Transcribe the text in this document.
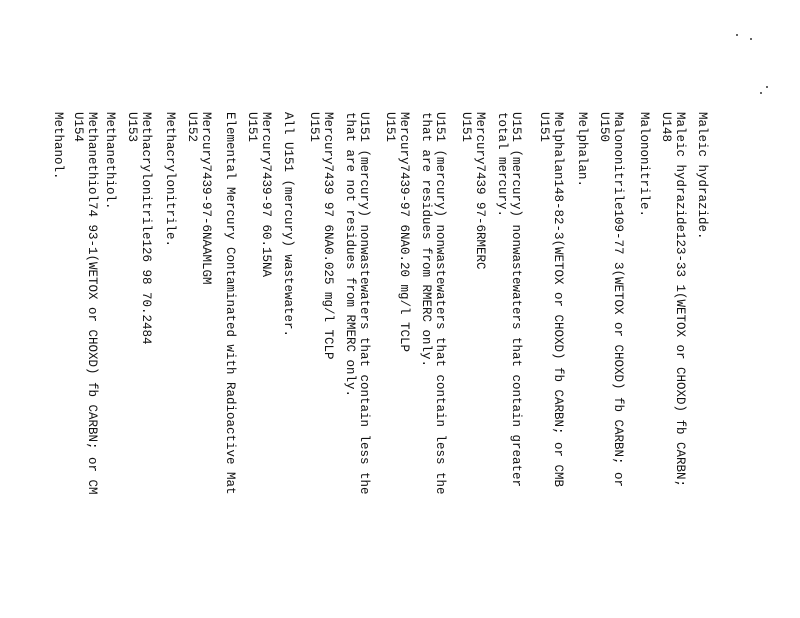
Maleic hydrazide.

Maleic hydrazide123-33 1(WETOX or CHOXD) fb CARBN;

U148

Malononitrile.

Malononitrile109-77 3(WETOX or CHOXD) fb CARBN; or

U150

Melphalan.

Melphalan148-82-3(WETOX or CHOXD) fb CARBN; or CMB

U151

U151 (mercury) nonwastewaters that contain greater

total mercury.

Mercury7439 97-6RMERC

U151

U151 (mercury) nonwastewaters that contain less the

that are residues from RMERC only.

Mercury7439-97 6NA0.20 mg/l TCLP

U151

U151 (mercury) nonwastewaters that contain less the

that are not residues from RMERC only.

Mercury7439 97 6NA0.025 mg/l TCLP

U151

All U151 (mercury) wastewater.

Mercury7439-97 60.15NA

U151

Elemental Mercury Contaminated with Radioactive Mat

Mercury7439-97-6NAAMLGM

U152

Methacrylonitrile.

Methacrylonitrile126 98 70.2484

U153

Methanethiol.

Methanethiol74 93-1(WETOX or CHOXD) fb CARBN; or CM

U154

Methanol.
